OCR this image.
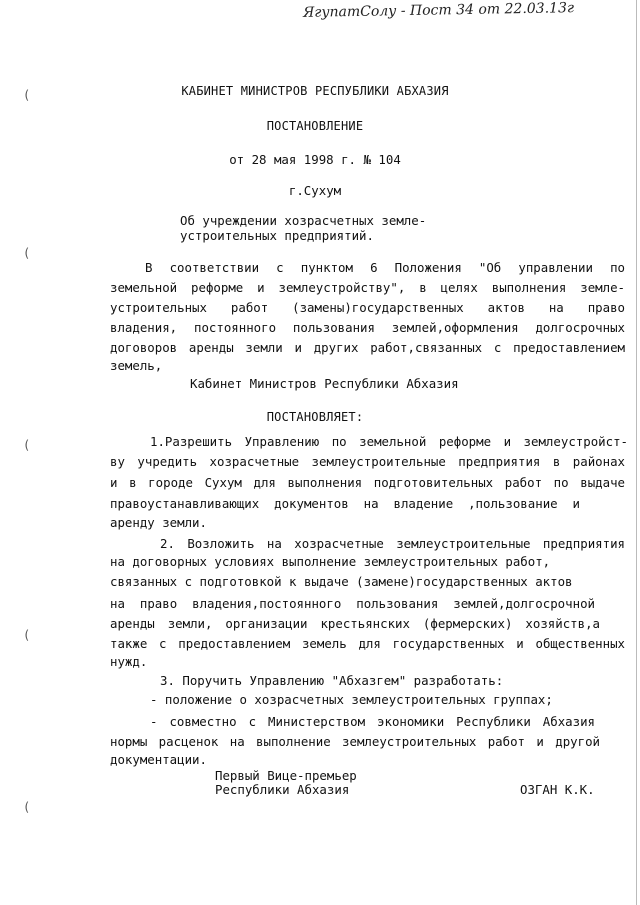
ЯгупатСолу - Пост 34 от 22.03.13г
(
(
(
(
(
КАБИНЕТ МИНИСТРОВ РЕСПУБЛИКИ АБХАЗИЯ
ПОСТАНОВЛЕНИЕ
от 28 мая 1998 г. № 104
г.Сухум
Об учреждении хозрасчетных земле-
устроительных предприятий.
В соответствии с пунктом 6 Положения "Об управлении по
земельной реформе и землеустройству", в целях выполнения земле-
устроительных работ (замены)государственных актов на право
владения, постоянного пользования землей,оформления долгосрочных
договоров аренды земли и других работ,связанных с предоставлением
земель,
Кабинет Министров Республики Абхазия
ПОСТАНОВЛЯЕТ:
1.Разрешить Управлению по земельной реформе и землеустройст-
ву учредить хозрасчетные землеустроительные предприятия в районах
и в городе Сухум для выполнения подготовительных работ по выдаче
правоустанавливающих документов на владение ,пользование и
аренду земли.
2. Возложить на хозрасчетные землеустроительные предприятия
на договорных условиях выполнение землеустроительных работ,
связанных с подготовкой к выдаче (замене)государственных актов
на право владения,постоянного пользования землей,долгосрочной
аренды земли, организации крестьянских (фермерских) хозяйств,а
также с предоставлением земель для государственных и общественных
нужд.
3. Поручить Управлению "Абхазгем" разработать:
- положение о хозрасчетных землеустроительных группах;
- совместно с Министерством экономики Республики Абхазия
нормы расценок на выполнение землеустроительных работ и другой
документации.
Первый Вице-премьер
Республики Абхазия	ОЗГАН К.К.
